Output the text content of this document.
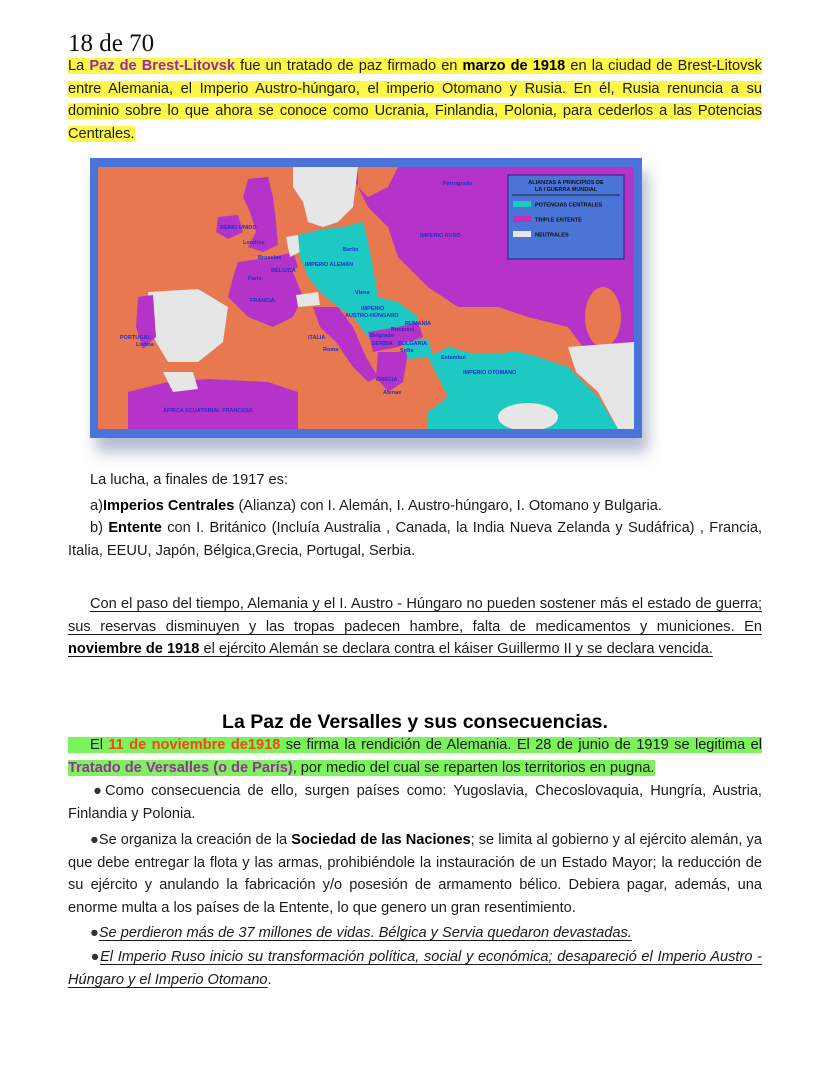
18 de 70

La Paz de Brest-Litovsk fue un tratado de paz firmado en marzo de 1918 en la ciudad de Brest-Litovsk entre Alemania, el Imperio Austro-húngaro, el imperio Otomano y Rusia. En él, Rusia renuncia a su dominio sobre lo que ahora se conoce como Ucrania, Finlandia, Polonia, para cederlos a las Potencias Centrales.

ALIANZAS A PRINCIPIOS DE
LA I GUERRA MUNDIAL
POTENCIAS CENTRALES
TRIPLE ENTENTE
NEUTRALES
REINO UNIDO
Londres
Bruselas
BÉLGICA
París
FRANCIA
PORTUGAL
Lisboa
ITALIA
Roma
Berlín
IMPERIO ALEMÁN
Viena
IMPERIO
AUSTRO-HÚNGARO
RUMANÍA
Bucarest
Belgrado
SERBIA BULGARIA
Sofía
Estambul
IMPERIO OTOMANO
GRECIA
Atenas
Petrogrado
IMPERIO RUSO
ÁFRICA ECUATORIAL FRANCESA
La lucha, a finales de 1917 es:
a)Imperios Centrales (Alianza) con I. Alemán, I. Austro-húngaro, I. Otomano y Bulgaria.
b) Entente con I. Británico (Incluía Australia , Canada, la India Nueva Zelanda y Sudáfrica) , Francia, Italia, EEUU, Japón, Bélgica,Grecia, Portugal, Serbia.

Con el paso del tiempo, Alemania y el I. Austro - Húngaro no pueden sostener más el estado de guerra; sus reservas disminuyen y las tropas padecen hambre, falta de medicamentos y municiones. En noviembre de 1918 el ejército Alemán se declara contra el káiser Guillermo II y se declara vencida.

La Paz de Versalles y sus consecuencias.

El 11 de noviembre de1918 se firma la rendición de Alemania. El 28 de junio de 1919 se legitima el Tratado de Versalles (o de París), por medio del cual se reparten los territorios en pugna.

●Como consecuencia de ello, surgen países como: Yugoslavia, Checoslovaquia, Hungría, Austria, Finlandia y Polonia.
●Se organiza la creación de la Sociedad de las Naciones; se limita al gobierno y al ejército alemán, ya que debe entregar la flota y las armas, prohibiéndole la instauración de un Estado Mayor; la reducción de su ejército y anulando la fabricación y/o posesión de armamento bélico. Debiera pagar, además, una enorme multa a los países de la Entente, lo que genero un gran resentimiento.
●Se perdieron más de 37 millones de vidas. Bélgica y Servia quedaron devastadas.
●El Imperio Ruso inicio su transformación política, social y económica; desapareció el Imperio Austro - Húngaro y el Imperio Otomano.
